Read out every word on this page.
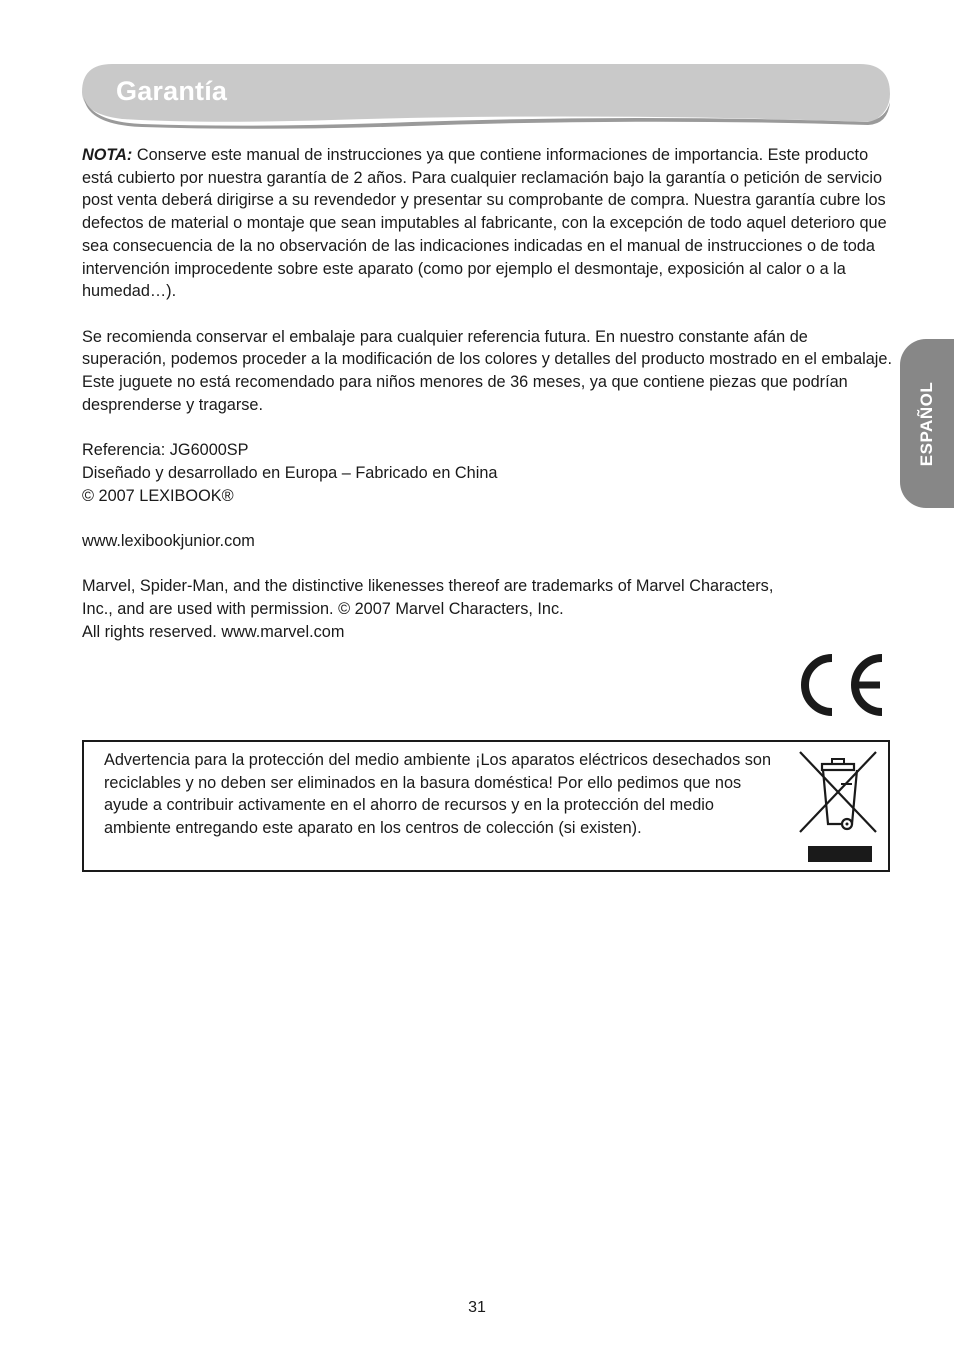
Garantía
ESPAÑOL

NOTA: Conserve este manual de instrucciones ya que contiene informaciones de importancia. Este producto está cubierto por nuestra garantía de 2 años. Para cualquier reclamación bajo la garantía o petición de servicio post venta deberá dirigirse a su revendedor y presentar su comprobante de compra. Nuestra garantía cubre los defectos de material o montaje que sean imputables al fabricante, con la excepción de todo aquel deterioro que sea consecuencia de la no observación de las indicaciones indicadas en el manual de instrucciones o de toda intervención improcedente sobre este aparato (como por ejemplo el desmontaje, exposición al calor o a la humedad…).

Se recomienda conservar el embalaje para cualquier referencia futura. En nuestro constante afán de superación, podemos proceder a la modificación de los colores y detalles del producto mostrado en el embalaje. Este juguete no está recomendado para niños menores de 36 meses, ya que contiene piezas que podrían desprenderse y tragarse.

Referencia: JG6000SP
Diseñado y desarrollado en Europa – Fabricado en China
© 2007 LEXIBOOK®

www.lexibookjunior.com

Marvel, Spider-Man, and the distinctive likenesses thereof are trademarks of Marvel Characters,
Inc., and are used with permission. © 2007 Marvel Characters, Inc.
All rights reserved. www.marvel.com

Advertencia para la protección del medio ambiente ¡Los aparatos eléctricos desechados son reciclables y no deben ser eliminados en la basura doméstica! Por ello pedimos que nos ayude a contribuir activamente en el ahorro de recursos y en la protección del medio ambiente entregando este aparato en los centros de colección (si existen).
31
